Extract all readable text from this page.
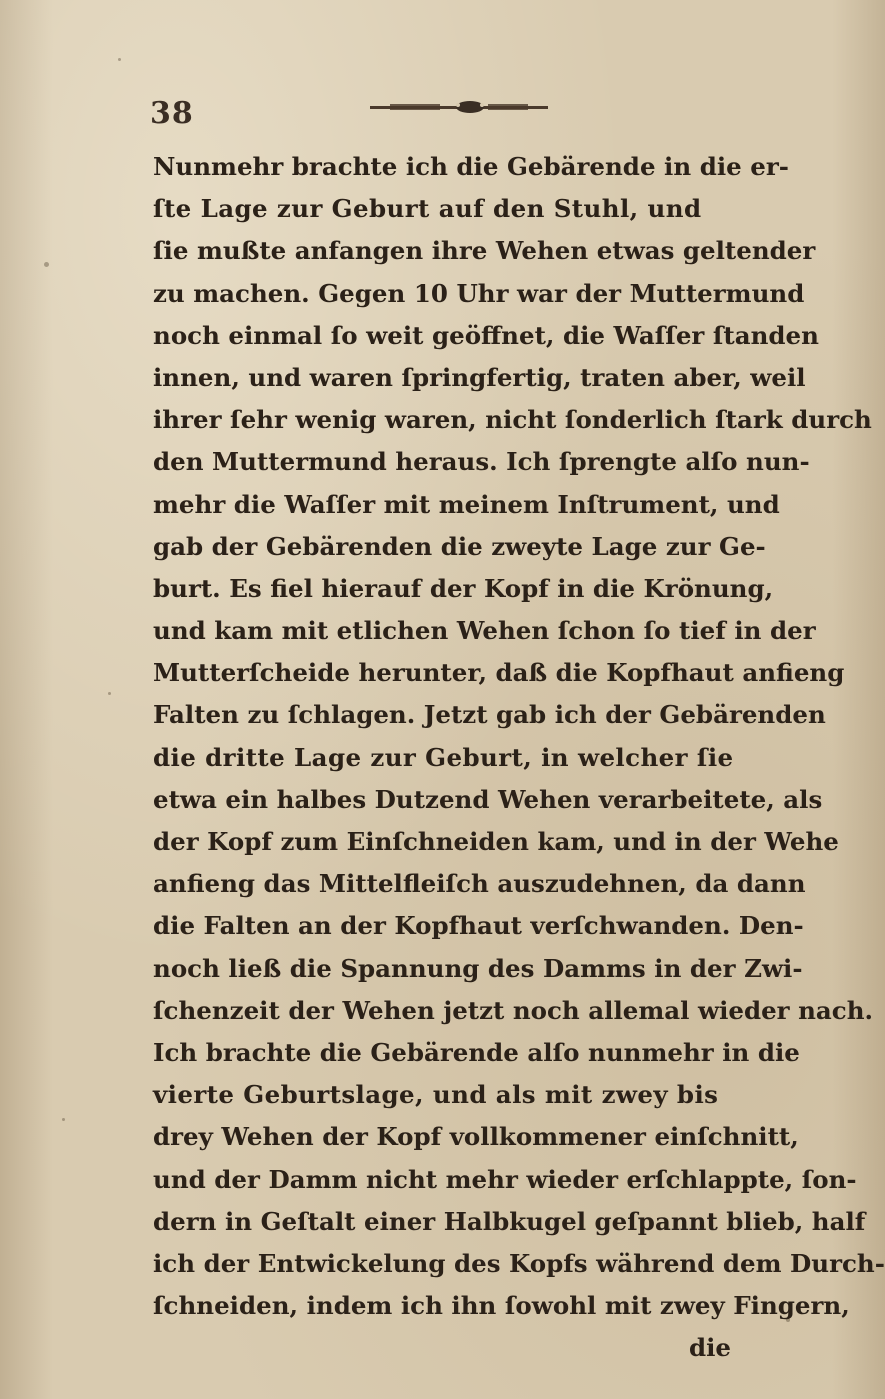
38
Nunmehr brachte ich die Gebärende in die er-
ſte Lage zur Geburt auf den Stuhl, und
ſie mußte anfangen ihre Wehen etwas geltender
zu machen. Gegen 10 Uhr war der Muttermund
noch einmal ſo weit geöffnet, die Waſſer ſtanden
innen, und waren ſpringfertig, traten aber, weil
ihrer ſehr wenig waren, nicht ſonderlich ſtark durch
den Muttermund heraus. Ich ſprengte alſo nun-
mehr die Waſſer mit meinem Inſtrument, und
gab der Gebärenden die zweyte Lage zur Ge-
burt. Es fiel hierauf der Kopf in die Krönung,
und kam mit etlichen Wehen ſchon ſo tief in der
Mutterſcheide herunter, daß die Kopfhaut anfieng
Falten zu ſchlagen. Jetzt gab ich der Gebärenden
die dritte Lage zur Geburt, in welcher ſie
etwa ein halbes Dutzend Wehen verarbeitete, als
der Kopf zum Einſchneiden kam, und in der Wehe
anfieng das Mittelfleiſch auszudehnen, da dann
die Falten an der Kopfhaut verſchwanden. Den-
noch ließ die Spannung des Damms in der Zwi-
ſchenzeit der Wehen jetzt noch allemal wieder nach.
Ich brachte die Gebärende alſo nunmehr in die
vierte Geburtslage, und als mit zwey bis
drey Wehen der Kopf vollkommener einſchnitt,
und der Damm nicht mehr wieder erſchlappte, ſon-
dern in Geſtalt einer Halbkugel geſpannt blieb, half
ich der Entwickelung des Kopfs während dem Durch-
ſchneiden, indem ich ihn ſowohl mit zwey Fingern,
die
